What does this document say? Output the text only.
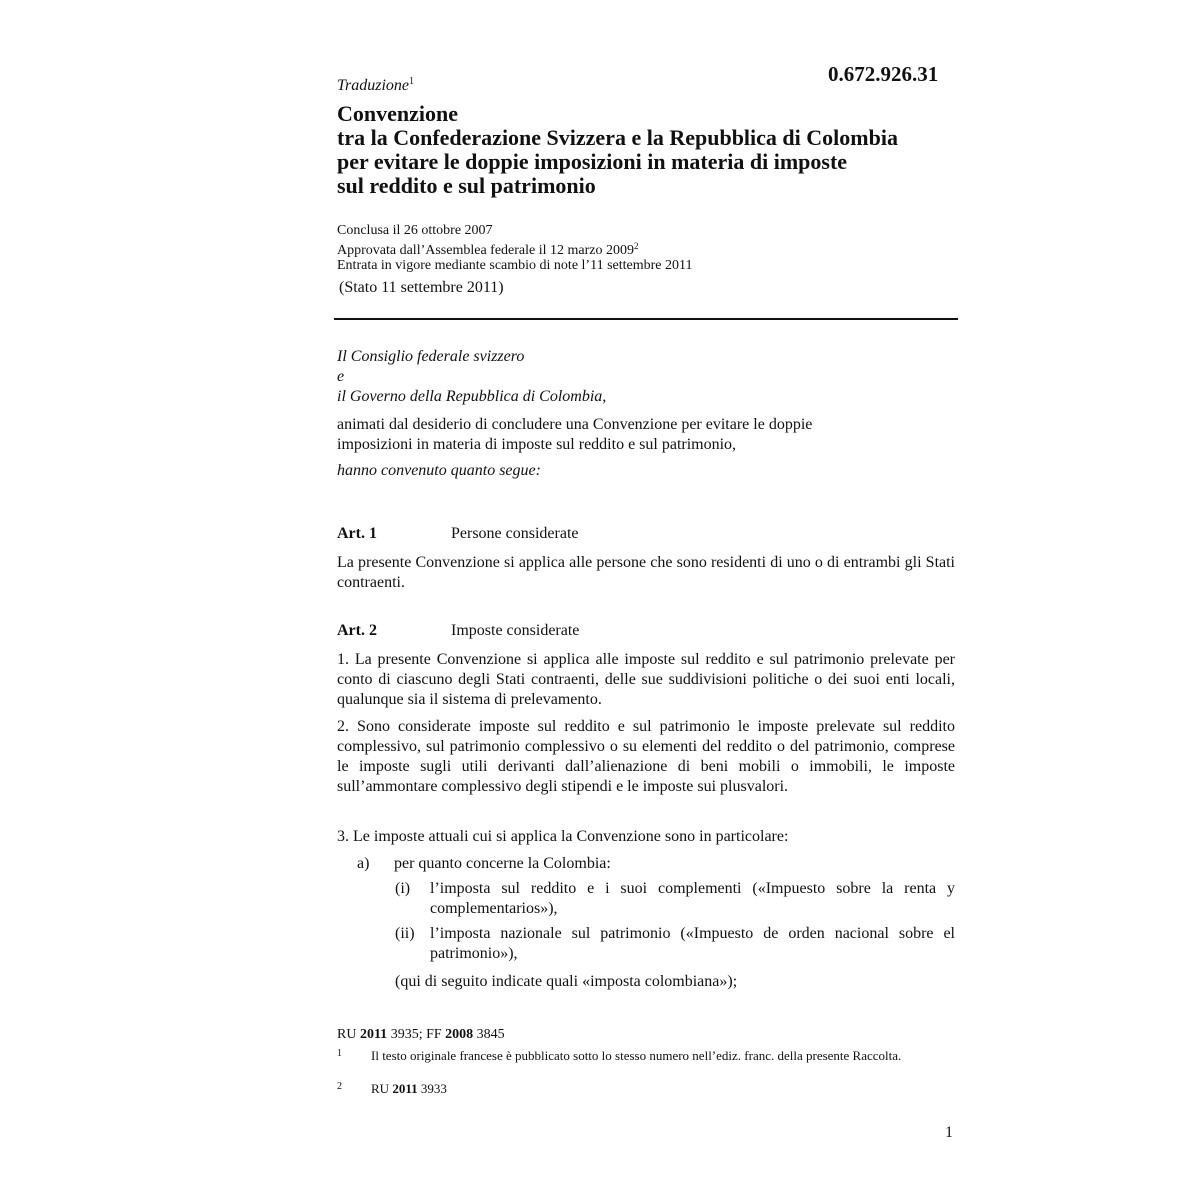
0.672.926.31
Traduzione$^1$
Convenzione
tra la Confederazione Svizzera e la Repubblica di Colombia
per evitare le doppie imposizioni in materia di imposte
sul reddito e sul patrimonio
Conclusa il 26 ottobre 2007
Approvata dall’Assemblea federale il 12 marzo 2009$^2$
Entrata in vigore mediante scambio di note l’11 settembre 2011
(Stato 11 settembre 2011)
Il Consiglio federale svizzero
e
il Governo della Repubblica di Colombia,
animati dal desiderio di concludere una Convenzione per evitare le doppie
imposizioni in materia di imposte sul reddito e sul patrimonio,
hanno convenuto quanto segue:
Art. 1	Persone considerate
La presente Convenzione si applica alle persone che sono residenti di uno o di entrambi gli Stati contraenti.
Art. 2	Imposte considerate
1. La presente Convenzione si applica alle imposte sul reddito e sul patrimonio prelevate per conto di ciascuno degli Stati contraenti, delle sue suddivisioni politiche o dei suoi enti locali, qualunque sia il sistema di prelevamento.
2. Sono considerate imposte sul reddito e sul patrimonio le imposte prelevate sul reddito complessivo, sul patrimonio complessivo o su elementi del reddito o del patrimonio, comprese le imposte sugli utili derivanti dall’alienazione di beni mobili o immobili, le imposte sull’ammontare complessivo degli stipendi e le imposte sui plusvalori.
3. Le imposte attuali cui si applica la Convenzione sono in particolare:
a) per quanto concerne la Colombia:
(i) l’imposta sul reddito e i suoi complementi («Impuesto sobre la renta y complementarios»),
(ii) l’imposta nazionale sul patrimonio («Impuesto de orden nacional sobre el patrimonio»),
(qui di seguito indicate quali «imposta colombiana»);
RU 2011 3935; FF 2008 3845
1 Il testo originale francese è pubblicato sotto lo stesso numero nell’ediz. franc. della presente Raccolta.
2 RU 2011 3933
1
